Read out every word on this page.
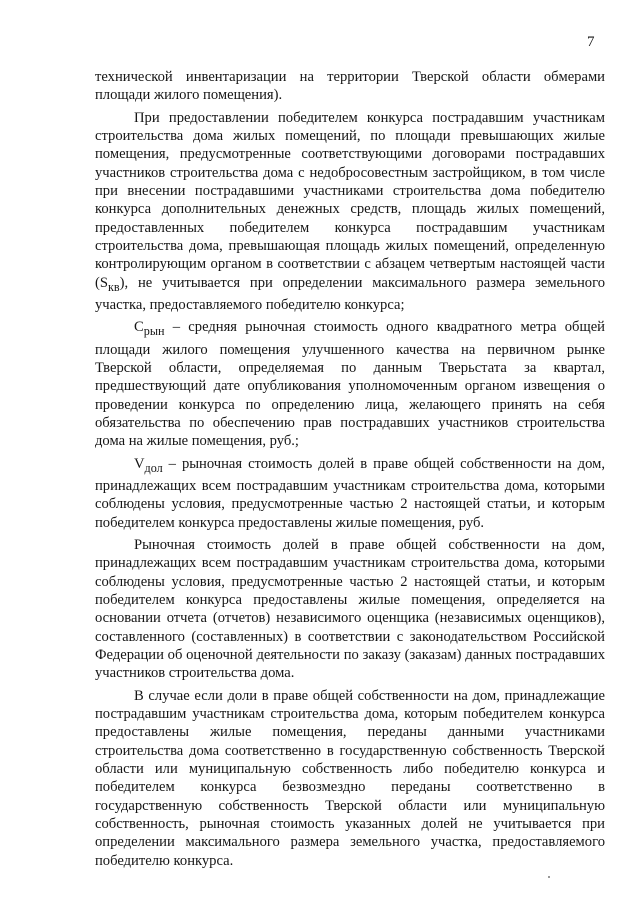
7

технической инвентаризации на территории Тверской области обмерами площади жилого помещения).

При предоставлении победителем конкурса пострадавшим участникам строительства дома жилых помещений, по площади превышающих жилые помещения, предусмотренные соответствующими договорами пострадавших участников строительства дома с недобросовестным застройщиком, в том числе при внесении пострадавшими участниками строительства дома победителю конкурса дополнительных денежных средств, площадь жилых помещений, предоставленных победителем конкурса пострадавшим участникам строительства дома, превышающая площадь жилых помещений, определенную контролирующим органом в соответствии с абзацем четвертым настоящей части $(S_{кв})$, не учитывается при определении максимального размера земельного участка, предоставляемого победителю конкурса;

$С_{рын}$ – средняя рыночная стоимость одного квадратного метра общей площади жилого помещения улучшенного качества на первичном рынке Тверской области, определяемая по данным Тверьстата за квартал, предшествующий дате опубликования уполномоченным органом извещения о проведении конкурса по определению лица, желающего принять на себя обязательства по обеспечению прав пострадавших участников строительства дома на жилые помещения, руб.;

$V_{дол}$ – рыночная стоимость долей в праве общей собственности на дом, принадлежащих всем пострадавшим участникам строительства дома, которыми соблюдены условия, предусмотренные частью 2 настоящей статьи, и которым победителем конкурса предоставлены жилые помещения, руб.

Рыночная стоимость долей в праве общей собственности на дом, принадлежащих всем пострадавшим участникам строительства дома, которыми соблюдены условия, предусмотренные частью 2 настоящей статьи, и которым победителем конкурса предоставлены жилые помещения, определяется на основании отчета (отчетов) независимого оценщика (независимых оценщиков), составленного (составленных) в соответствии с законодательством Российской Федерации об оценочной деятельности по заказу (заказам) данных пострадавших участников строительства дома.

В случае если доли в праве общей собственности на дом, принадлежащие пострадавшим участникам строительства дома, которым победителем конкурса предоставлены жилые помещения, переданы данными участниками строительства дома соответственно в государственную собственность Тверской области или муниципальную собственность либо победителю конкурса и победителем конкурса безвозмездно переданы соответственно в государственную собственность Тверской области или муниципальную собственность, рыночная стоимость указанных долей не учитывается при определении максимального размера земельного участка, предоставляемого победителю конкурса.
